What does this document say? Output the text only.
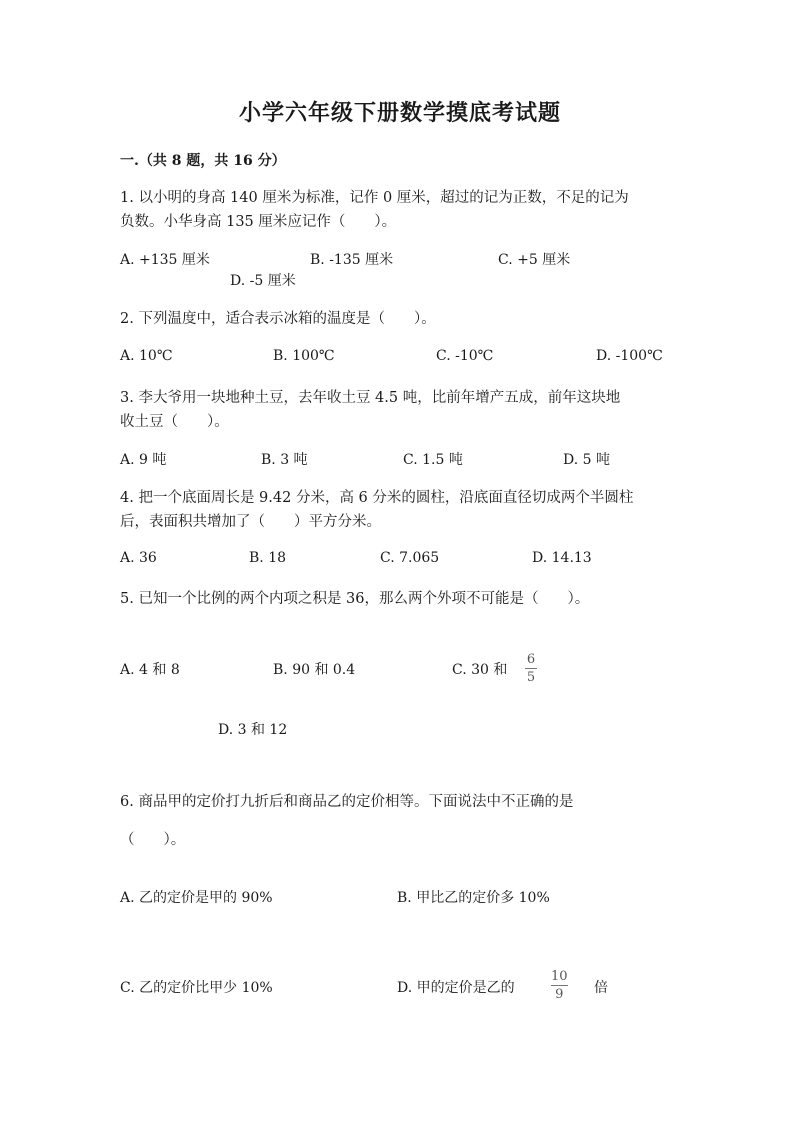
小学六年级下册数学摸底考试题
一.（共 8 题，共 16 分）
1. 以小明的身高 140 厘米为标准，记作 0 厘米，超过的记为正数，不足的记为
负数。小华身高 135 厘米应记作（　　）。
A. +135 厘米	B. -135 厘米	C. +5 厘米
D. -5 厘米
2. 下列温度中，适合表示冰箱的温度是（　　）。
A. 10℃	B. 100℃	C. -10℃	D. -100℃
3. 李大爷用一块地种土豆，去年收土豆 4.5 吨，比前年增产五成，前年这块地
收土豆（　　）。
A. 9 吨	B. 3 吨	C. 1.5 吨	D. 5 吨
4. 把一个底面周长是 9.42 分米，高 6 分米的圆柱，沿底面直径切成两个半圆柱
后，表面积共增加了（　　）平方分米。
A. 36	B. 18	C. 7.065	D. 14.13
5. 已知一个比例的两个内项之积是 36，那么两个外项不可能是（　　）。
A. 4 和 8	B. 90 和 0.4	C. 30 和 $\frac{6}{5}$
D. 3 和 12
6. 商品甲的定价打九折后和商品乙的定价相等。下面说法中不正确的是
（　　）。
A. 乙的定价是甲的 90%	B. 甲比乙的定价多 10%
C. 乙的定价比甲少 10%	D. 甲的定价是乙的	$\frac{10}{9}$ 倍
